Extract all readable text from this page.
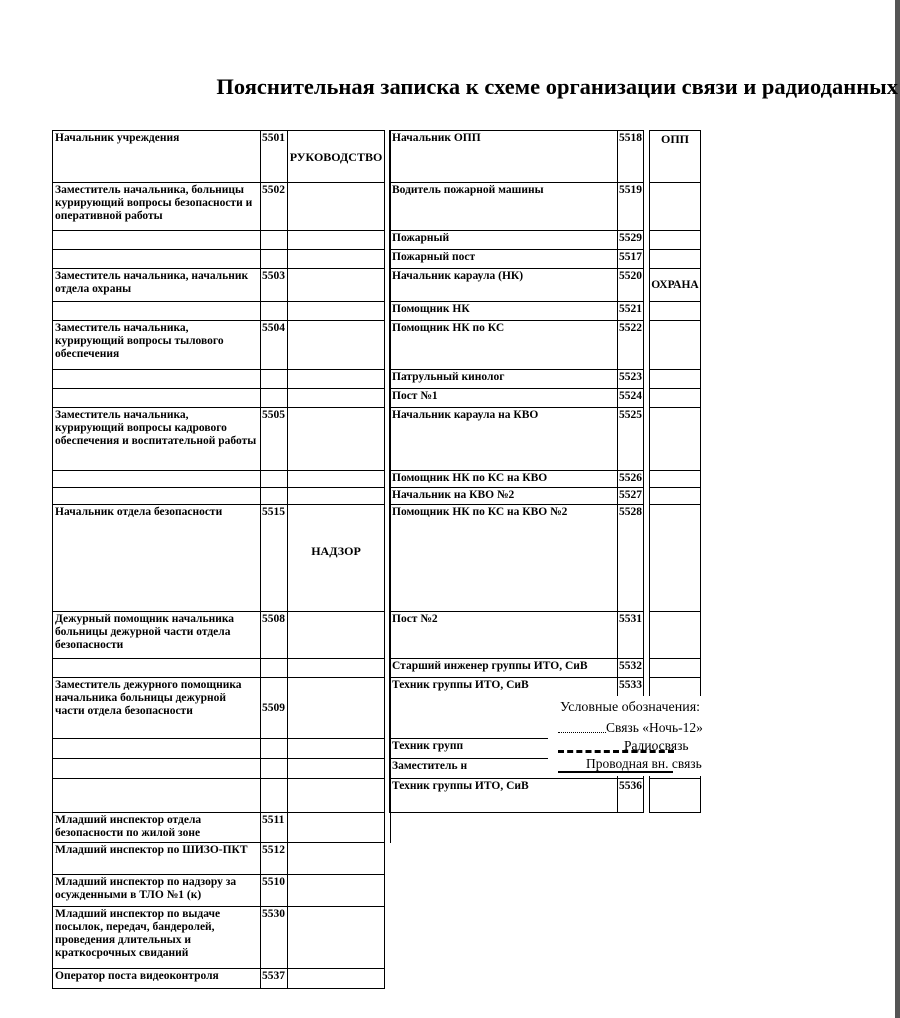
Пояснительная записка к схеме организации связи и радиоданных
Начальник учреждения	5501	РУКОВОДСТВО	
Заместитель начальника, больницы курирующий вопросы безопасности и оперативной работы	5502		

Заместитель начальника, начальник отдела охраны	5503		

Заместитель начальника, курирующий вопросы тылового обеспечения	5504		

Заместитель начальника, курирующий вопросы кадрового обеспечения и воспитательной работы	5505		

Начальник отдела безопасности	5515	НАДЗОР	
Дежурный помощник начальника больницы дежурной части отдела безопасности	5508		

Заместитель дежурного помощника начальника больницы дежурной части отдела безопасности	5509		

Младший инспектор отдела безопасности по жилой зоне	5511		
Младший инспектор по ШИЗО-ПКТ	5512		
Младший инспектор по надзору за осужденными в ТЛО №1 (к)	5510		
Младший инспектор по выдаче посылок, передач, бандеролей, проведения длительных и краткосрочных свиданий	5530		
Оператор поста видеоконтроля	5537		
Начальник ОПП	5518		ОПП
Водитель пожарной машины	5519		
Пожарный	5529		
Пожарный пост	5517		
Начальник караула (НК)	5520		ОХРАНА
Помощник НК	5521		
Помощник НК по КС	5522		
Патрульный кинолог	5523		
Пост №1	5524		
Начальник караула на КВО	5525		
Помощник НК по КС на КВО	5526		
Начальник на КВО №2	5527		
Помощник НК по КС на КВО №2	5528		
Пост №2	5531		
Старший инженер группы ИТО, СиВ	5532		
Техник группы ИТО, СиВ	5533		
Техник групп			
Заместитель н			
Техник группы ИТО, СиВ	5536		
Условные обозначения:
Связь «Ночь-12»
Радиосвязь
Проводная вн. связь
